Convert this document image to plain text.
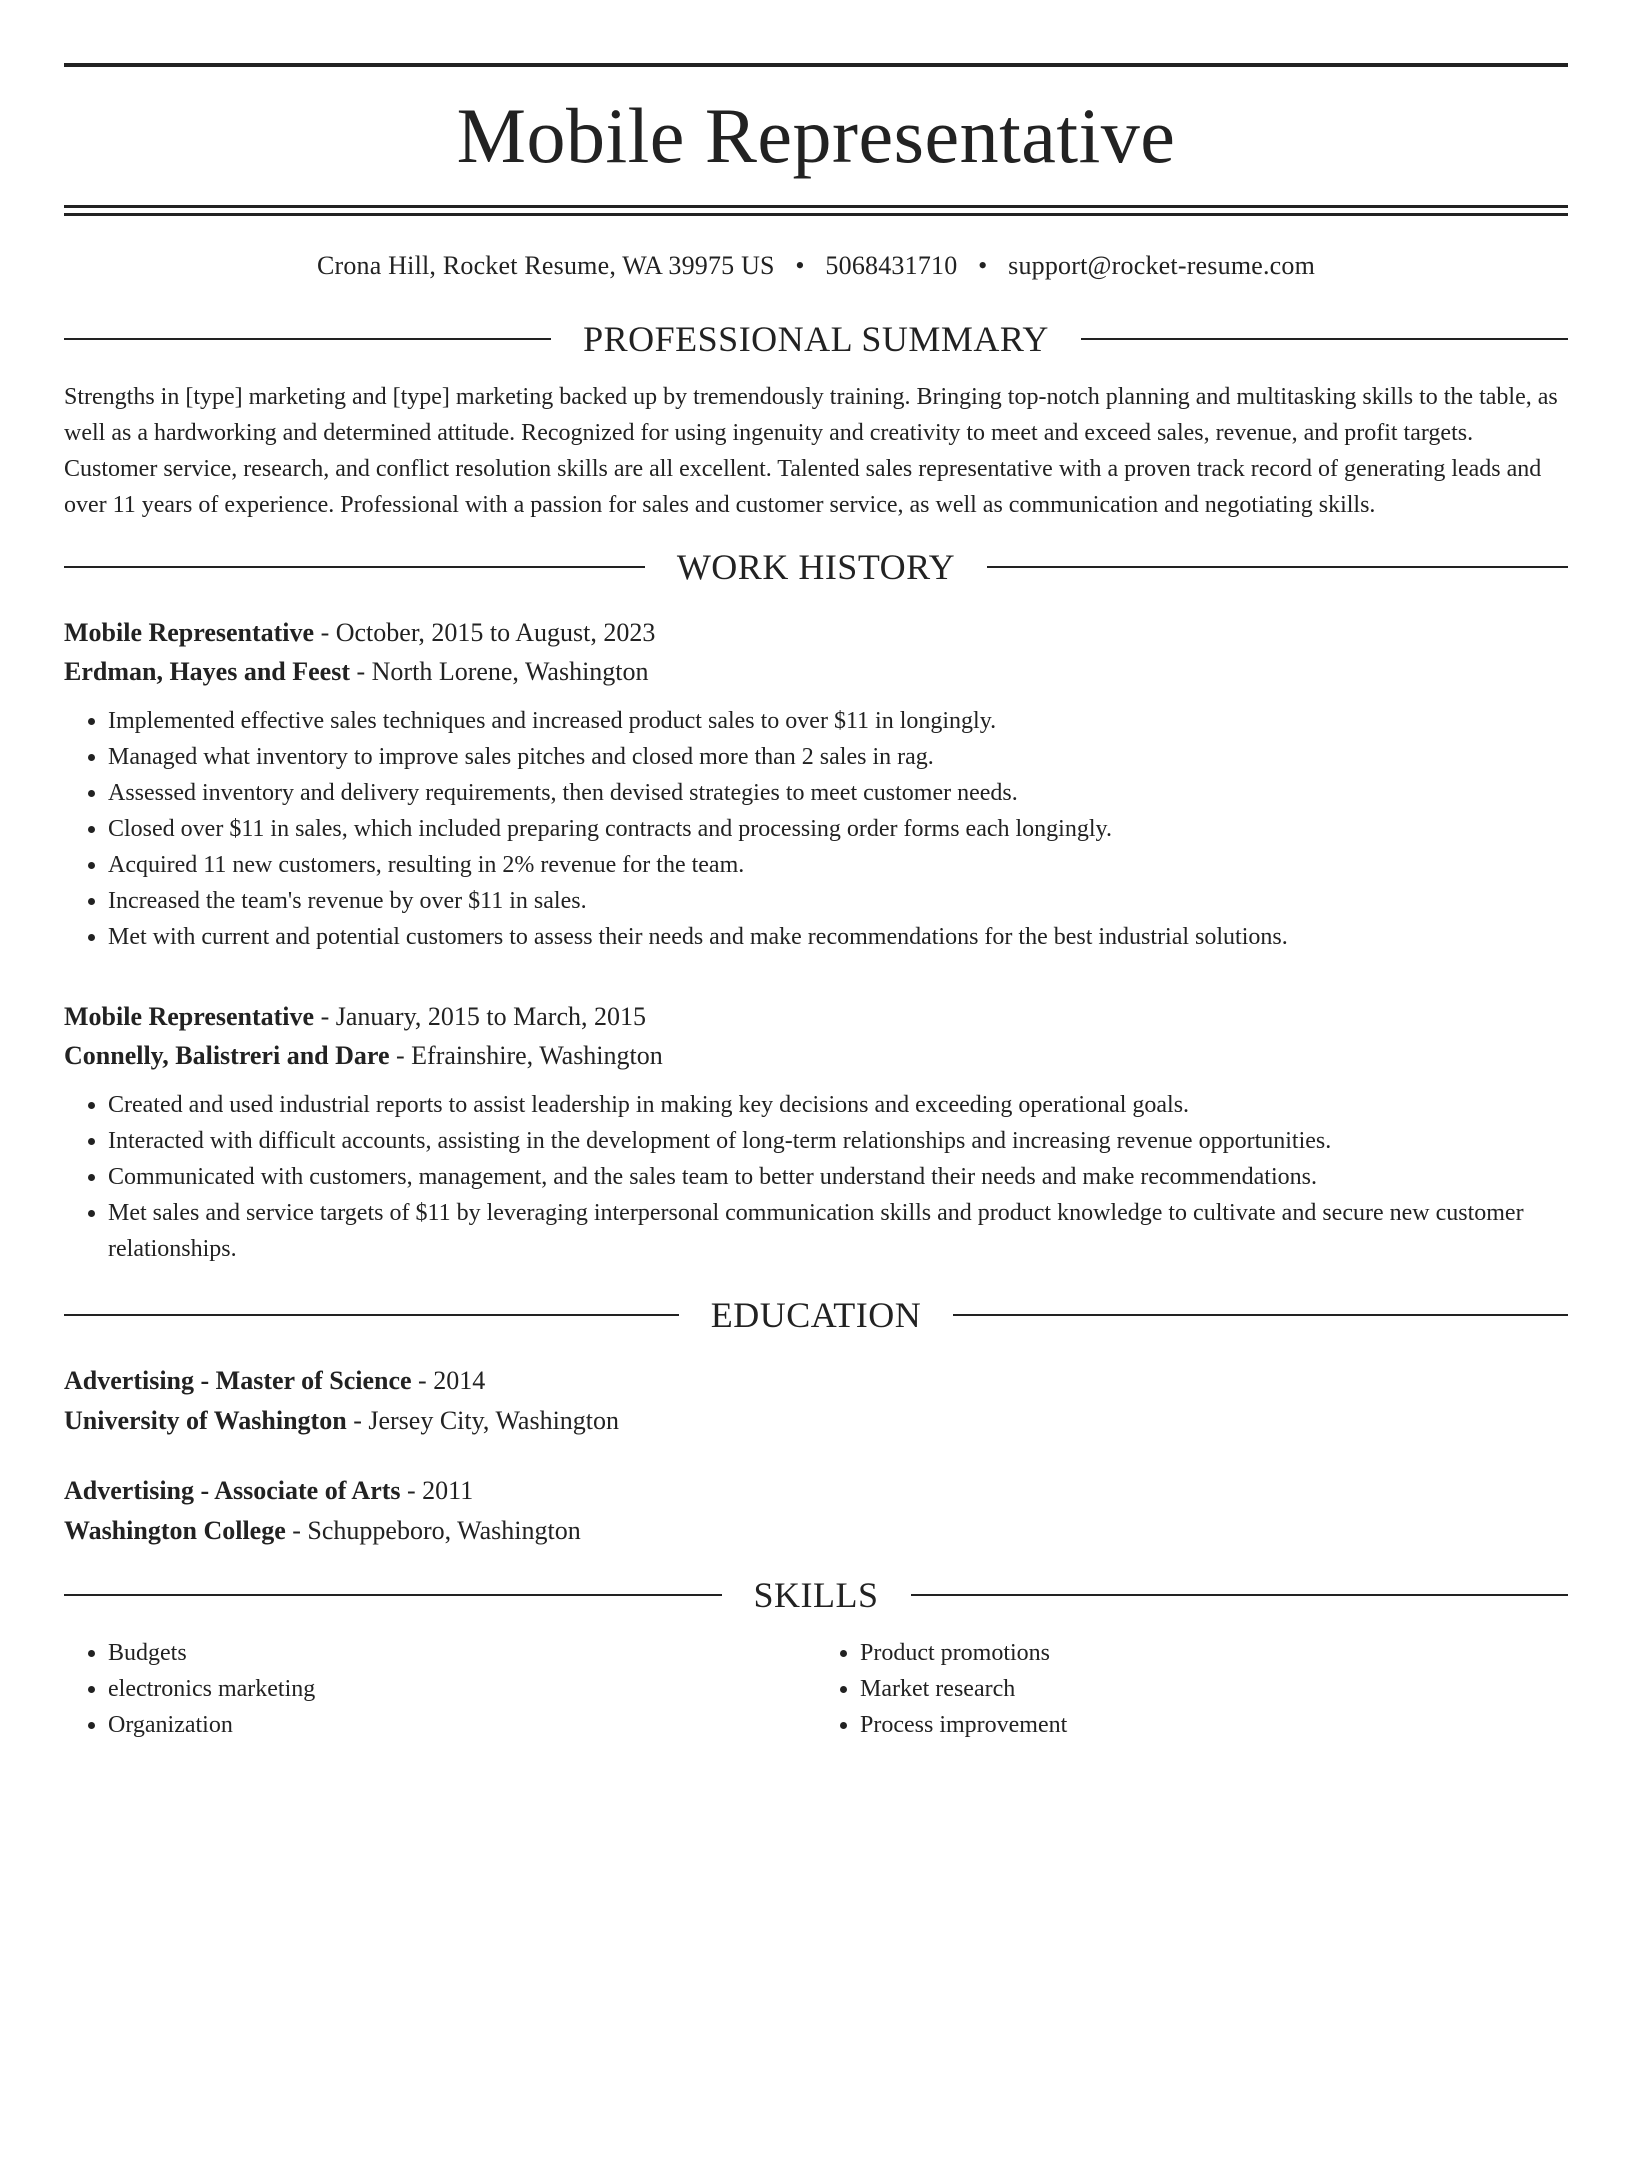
Mobile Representative
Crona Hill, Rocket Resume, WA 39975 US • 5068431710 • support@rocket-resume.com
PROFESSIONAL SUMMARY

Strengths in [type] marketing and [type] marketing backed up by tremendously training. Bringing top-notch planning and multitasking skills to the table, as well as a hardworking and determined attitude. Recognized for using ingenuity and creativity to meet and exceed sales, revenue, and profit targets. Customer service, research, and conflict resolution skills are all excellent. Talented sales representative with a proven track record of generating leads and over 11 years of experience. Professional with a passion for sales and customer service, as well as communication and negotiating skills.

WORK HISTORY
Mobile Representative - October, 2015 to August, 2023
Erdman, Hayes and Feest - North Lorene, Washington
• Implemented effective sales techniques and increased product sales to over $11 in longingly.
• Managed what inventory to improve sales pitches and closed more than 2 sales in rag.
• Assessed inventory and delivery requirements, then devised strategies to meet customer needs.
• Closed over $11 in sales, which included preparing contracts and processing order forms each longingly.
• Acquired 11 new customers, resulting in 2% revenue for the team.
• Increased the team's revenue by over $11 in sales.
• Met with current and potential customers to assess their needs and make recommendations for the best industrial solutions.
Mobile Representative - January, 2015 to March, 2015
Connelly, Balistreri and Dare - Efrainshire, Washington
• Created and used industrial reports to assist leadership in making key decisions and exceeding operational goals.
• Interacted with difficult accounts, assisting in the development of long-term relationships and increasing revenue opportunities.
• Communicated with customers, management, and the sales team to better understand their needs and make recommendations.
• Met sales and service targets of $11 by leveraging interpersonal communication skills and product knowledge to cultivate and secure new customer relationships.
EDUCATION
Advertising - Master of Science - 2014
University of Washington - Jersey City, Washington
Advertising - Associate of Arts - 2011
Washington College - Schuppeboro, Washington
SKILLS
• Budgets
• electronics marketing
• Organization
• Product promotions
• Market research
• Process improvement
